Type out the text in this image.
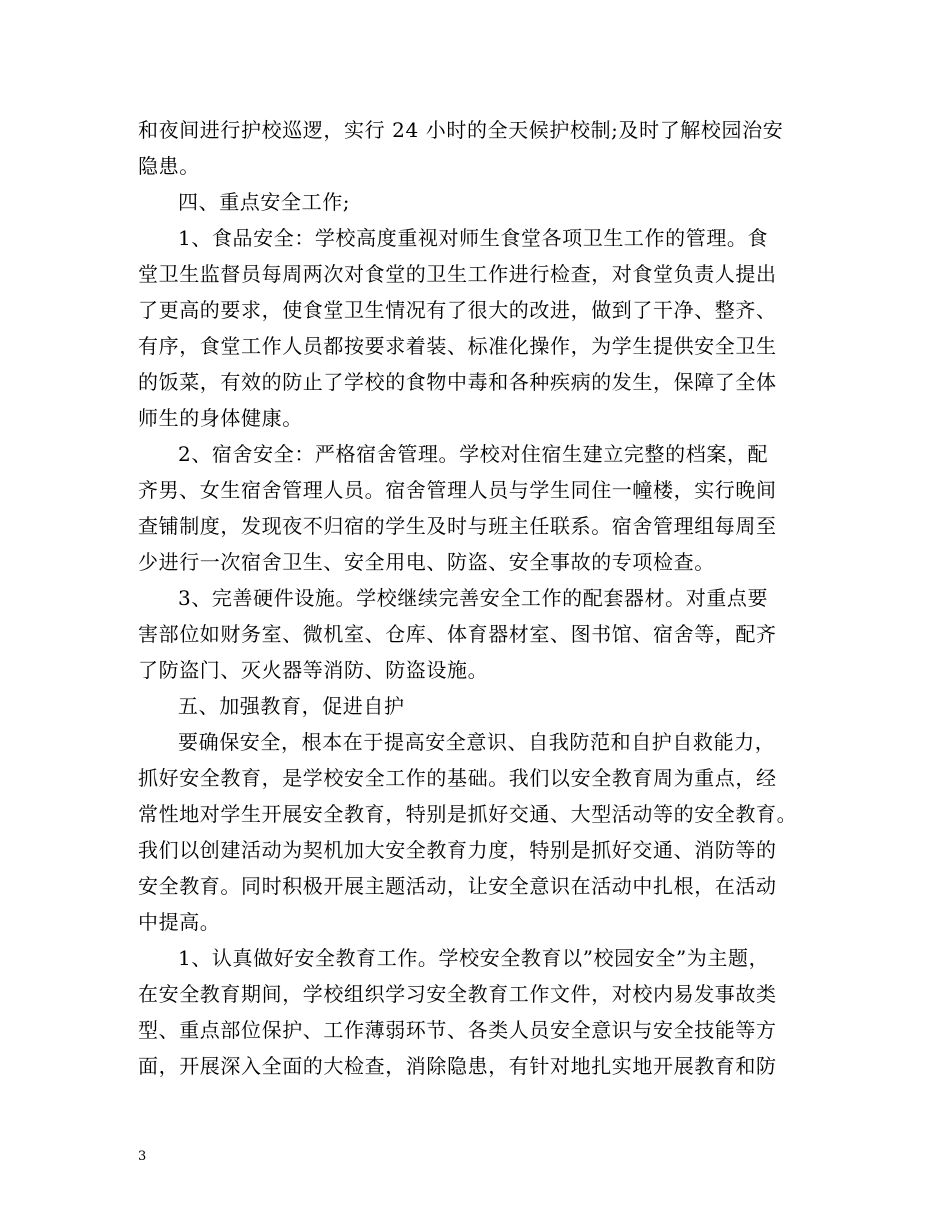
和夜间进行护校巡逻，实行 24 小时的全天候护校制;及时了解校园治安
隐患。
四、重点安全工作;
1、食品安全：学校高度重视对师生食堂各项卫生工作的管理。食
堂卫生监督员每周两次对食堂的卫生工作进行检查，对食堂负责人提出
了更高的要求，使食堂卫生情况有了很大的改进，做到了干净、整齐、
有序，食堂工作人员都按要求着装、标准化操作，为学生提供安全卫生
的饭菜，有效的防止了学校的食物中毒和各种疾病的发生，保障了全体
师生的身体健康。
2、宿舍安全：严格宿舍管理。学校对住宿生建立完整的档案，配
齐男、女生宿舍管理人员。宿舍管理人员与学生同住一幢楼，实行晚间
查铺制度，发现夜不归宿的学生及时与班主任联系。宿舍管理组每周至
少进行一次宿舍卫生、安全用电、防盗、安全事故的专项检查。
3、完善硬件设施。学校继续完善安全工作的配套器材。对重点要
害部位如财务室、微机室、仓库、体育器材室、图书馆、宿舍等，配齐
了防盗门、灭火器等消防、防盗设施。
五、加强教育，促进自护
要确保安全，根本在于提高安全意识、自我防范和自护自救能力，
抓好安全教育，是学校安全工作的基础。我们以安全教育周为重点，经
常性地对学生开展安全教育，特别是抓好交通、大型活动等的安全教育。
我们以创建活动为契机加大安全教育力度，特别是抓好交通、消防等的
安全教育。同时积极开展主题活动，让安全意识在活动中扎根，在活动
中提高。
1、认真做好安全教育工作。学校安全教育以”校园安全”为主题，
在安全教育期间，学校组织学习安全教育工作文件，对校内易发事故类
型、重点部位保护、工作薄弱环节、各类人员安全意识与安全技能等方
面，开展深入全面的大检查，消除隐患，有针对地扎实地开展教育和防
3
